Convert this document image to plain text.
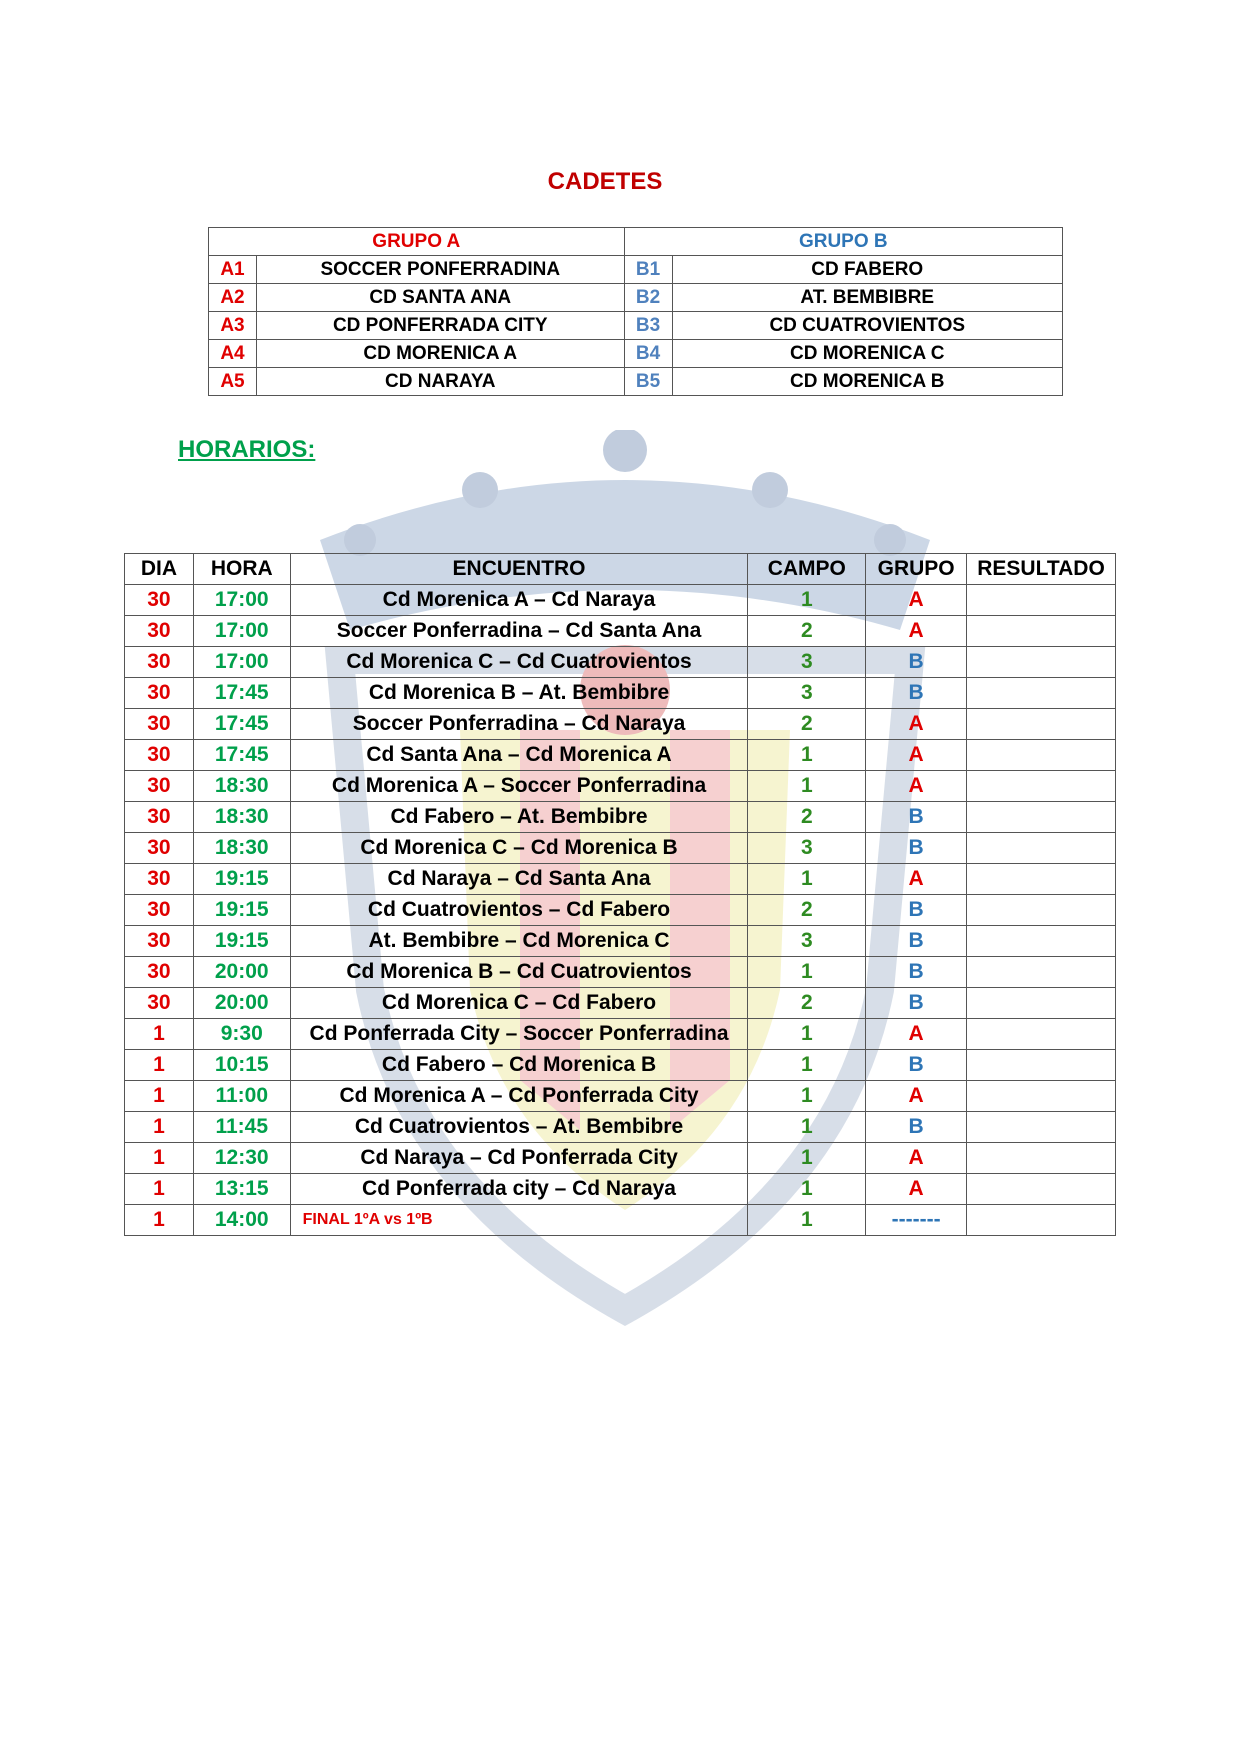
CADETES
GRUPO A		GRUPO B	
A1	SOCCER PONFERRADINA	B1	CD FABERO
A2	CD SANTA ANA	B2	AT. BEMBIBRE
A3	CD PONFERRADA CITY	B3	CD CUATROVIENTOS
A4	CD MORENICA A	B4	CD MORENICA C
A5	CD NARAYA	B5	CD MORENICA B
HORARIOS:
DIA	HORA	ENCUENTRO	CAMPO	GRUPO	RESULTADO
30	17:00	Cd Morenica A – Cd Naraya	1	A	
30	17:00	Soccer Ponferradina – Cd Santa Ana	2	A	
30	17:00	Cd Morenica C – Cd Cuatrovientos	3	B	
30	17:45	Cd Morenica B – At. Bembibre	3	B	
30	17:45	Soccer Ponferradina – Cd Naraya	2	A	
30	17:45	Cd Santa Ana – Cd Morenica A	1	A	
30	18:30	Cd Morenica A – Soccer Ponferradina	1	A	
30	18:30	Cd Fabero – At. Bembibre	2	B	
30	18:30	Cd Morenica C – Cd Morenica B	3	B	
30	19:15	Cd Naraya – Cd Santa Ana	1	A	
30	19:15	Cd Cuatrovientos – Cd Fabero	2	B	
30	19:15	At. Bembibre – Cd Morenica C	3	B	
30	20:00	Cd Morenica B – Cd Cuatrovientos	1	B	
30	20:00	Cd Morenica C – Cd Fabero	2	B	
1	9:30	Cd Ponferrada City – Soccer Ponferradina	1	A	
1	10:15	Cd Fabero – Cd Morenica B	1	B	
1	11:00	Cd Morenica A – Cd Ponferrada City	1	A	
1	11:45	Cd Cuatrovientos – At. Bembibre	1	B	
1	12:30	Cd Naraya – Cd Ponferrada City	1	A	
1	13:15	Cd Ponferrada city – Cd Naraya	1	A	
1	14:00	FINAL 1ºA vs 1ºB	1	-------	
